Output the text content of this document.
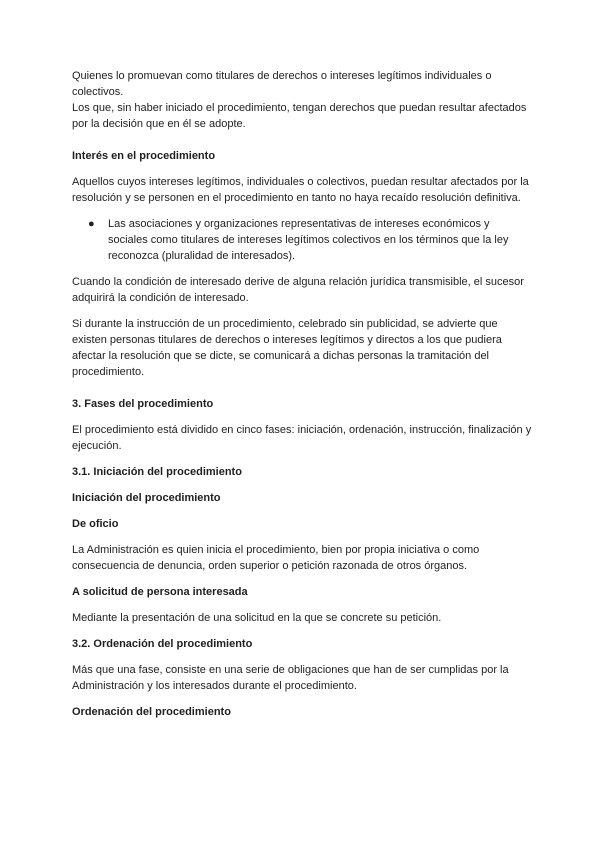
Quienes lo promuevan como titulares de derechos o intereses legítimos individuales o colectivos.

Los que, sin haber iniciado el procedimiento, tengan derechos que puedan resultar afectados por la decisión que en él se adopte.

Interés en el procedimiento

Aquellos cuyos intereses legítimos, individuales o colectivos, puedan resultar afectados por la resolución y se personen en el procedimiento en tanto no haya recaído resolución definitiva.

● Las asociaciones y organizaciones representativas de intereses económicos y sociales como titulares de intereses legítimos colectivos en los términos que la ley reconozca (pluralidad de interesados).

Cuando la condición de interesado derive de alguna relación jurídica transmisible, el sucesor adquirirá la condición de interesado.

Si durante la instrucción de un procedimiento, celebrado sin publicidad, se advierte que existen personas titulares de derechos o intereses legítimos y directos a los que pudiera afectar la resolución que se dicte, se comunicará a dichas personas la tramitación del procedimiento.

3. Fases del procedimiento

El procedimiento está dividido en cinco fases: iniciación, ordenación, instrucción, finalización y ejecución.

3.1. Iniciación del procedimiento
Iniciación del procedimiento
De oficio

La Administración es quien inicia el procedimiento, bien por propia iniciativa o como consecuencia de denuncia, orden superior o petición razonada de otros órganos.

A solicitud de persona interesada

Mediante la presentación de una solicitud en la que se concrete su petición.

3.2. Ordenación del procedimiento

Más que una fase, consiste en una serie de obligaciones que han de ser cumplidas por la Administración y los interesados durante el procedimiento.

Ordenación del procedimiento
